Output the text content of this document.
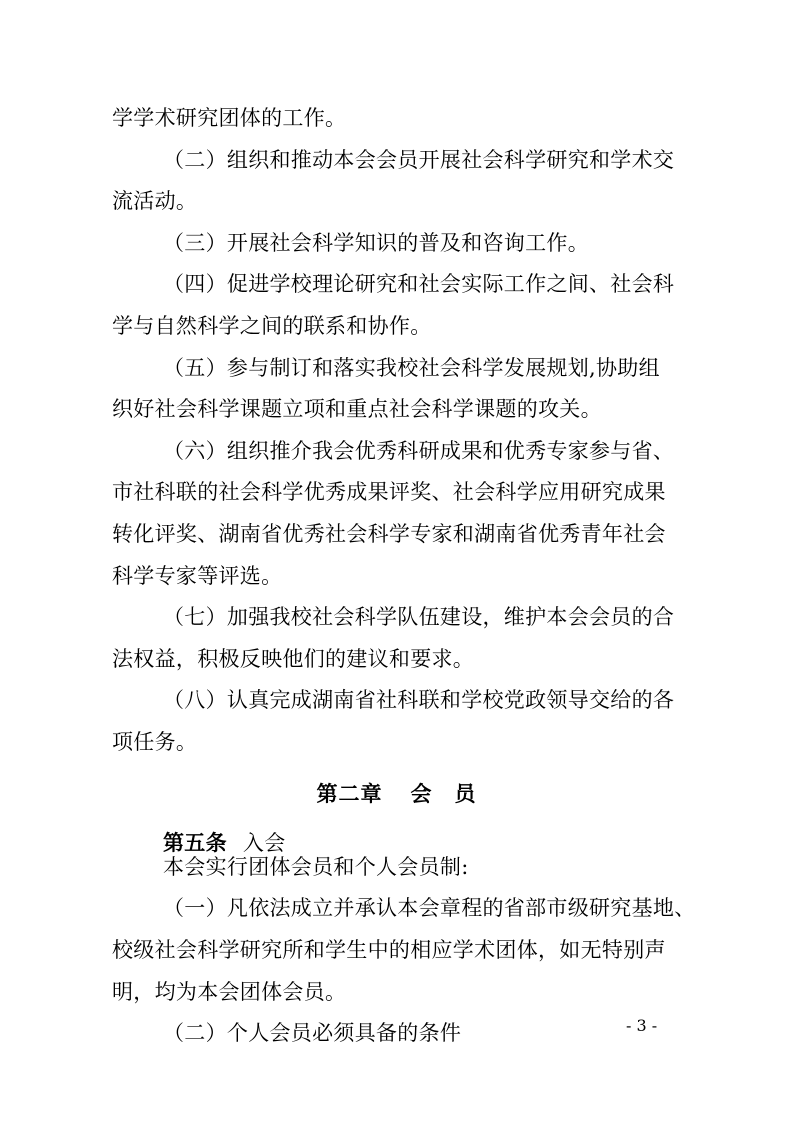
学学术研究团体的工作。
（二）组织和推动本会会员开展社会科学研究和学术交
流活动。
（三）开展社会科学知识的普及和咨询工作。
（四）促进学校理论研究和社会实际工作之间、社会科
学与自然科学之间的联系和协作。
（五）参与制订和落实我校社会科学发展规划,协助组
织好社会科学课题立项和重点社会科学课题的攻关。
（六）组织推介我会优秀科研成果和优秀专家参与省、
市社科联的社会科学优秀成果评奖、社会科学应用研究成果
转化评奖、湖南省优秀社会科学专家和湖南省优秀青年社会
科学专家等评选。
（七）加强我校社会科学队伍建设，维护本会会员的合
法权益，积极反映他们的建议和要求。
（八）认真完成湖南省社科联和学校党政领导交给的各
项任务。
第二章 会　员
第五条 入会
本会实行团体会员和个人会员制:
（一）凡依法成立并承认本会章程的省部市级研究基地、
校级社会科学研究所和学生中的相应学术团体，如无特别声
明，均为本会团体会员。
（二）个人会员必须具备的条件	- 3 -
